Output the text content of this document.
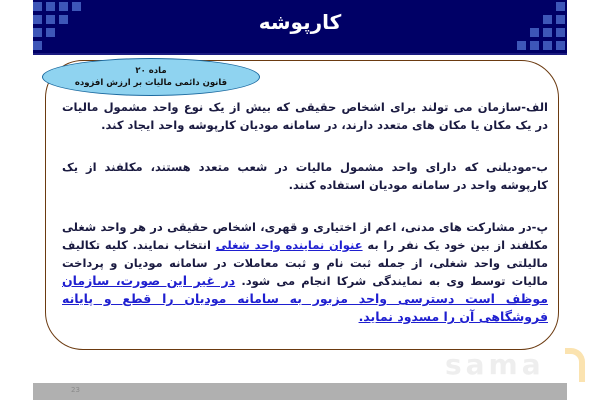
کارپوشه
ماده ۲۰
قانون دائمی مالیات بر ارزش افزوده
الف-سازمان می تولند برای اشخاص حقیقی که بیش از یک نوع واحد مشمول مالیات در یک مکان یا مکان های متعدد دارند، در سامانه مودیان کارپوشه واحد ایجاد کند.
ب-مودیلنی که دارای واحد مشمول مالیات در شعب متعدد هستند، مکلفند از یک کارپوشه واحد در سامانه مودیان استفاده کنند.
پ-در مشارکت های مدنی، اعم از اختیاری و قهری، اشخاص حقیقی در هر واحد شغلی مکلفند از بین خود یک نفر را به عنوان نماینده واحد شغلی انتخاب نمایند. کلیه تکالیف مالیلتی واحد شغلی، از جمله ثبت نام و ثبت معاملات در سامانه مودیان و پرداخت مالیات توسط وی به نمایندگی شرکا انجام می شود. در غیر این صورت، سازمان موظف است دسترسی واحد مزبور به سامانه مودیان را قطع و پایانه فروشگاهی آن را مسدود نماید.
sama
23
